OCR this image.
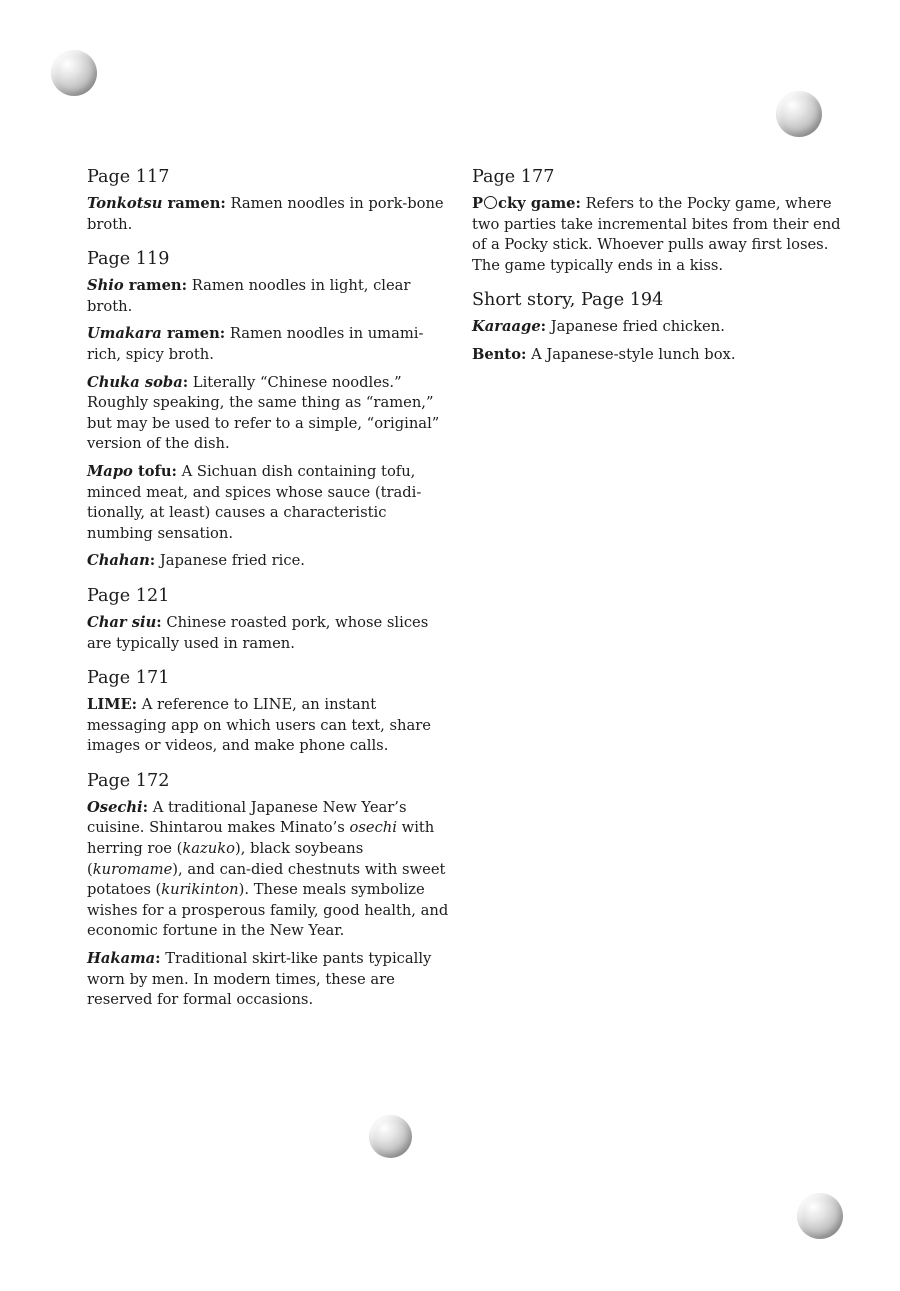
Page 117

Tonkotsu ramen: Ramen noodles in pork-bone broth.

Page 119

Shio ramen: Ramen noodles in light, clear broth.

Umakara ramen: Ramen noodles in umami-rich, spicy broth.

Chuka soba: Literally “Chinese noodles.” Roughly speaking, the same thing as “ramen,” but may be used to refer to a simple, “original” version of the dish.

Mapo tofu: A Sichuan dish containing tofu, minced meat, and spices whose sauce (tradi-tionally, at least) causes a characteristic numbing sensation.

Chahan: Japanese fried rice.

Page 121

Char siu: Chinese roasted pork, whose slices are typically used in ramen.

Page 171

LIME: A reference to LINE, an instant messaging app on which users can text, share images or videos, and make phone calls.

Page 172

Osechi: A traditional Japanese New Year’s cuisine. Shintarou makes Minato’s osechi with herring roe (kazuko), black soybeans (kuromame), and can-died chestnuts with sweet potatoes (kurikinton). These meals symbolize wishes for a prosperous family, good health, and economic fortune in the New Year.

Hakama: Traditional skirt-like pants typically worn by men. In modern times, these are reserved for formal occasions.

Page 177

P cky game: Refers to the Pocky game, where two parties take incremental bites from their end of a Pocky stick. Whoever pulls away first loses. The game typically ends in a kiss.

Short story, Page 194

Karaage: Japanese fried chicken.

Bento: A Japanese-style lunch box.
